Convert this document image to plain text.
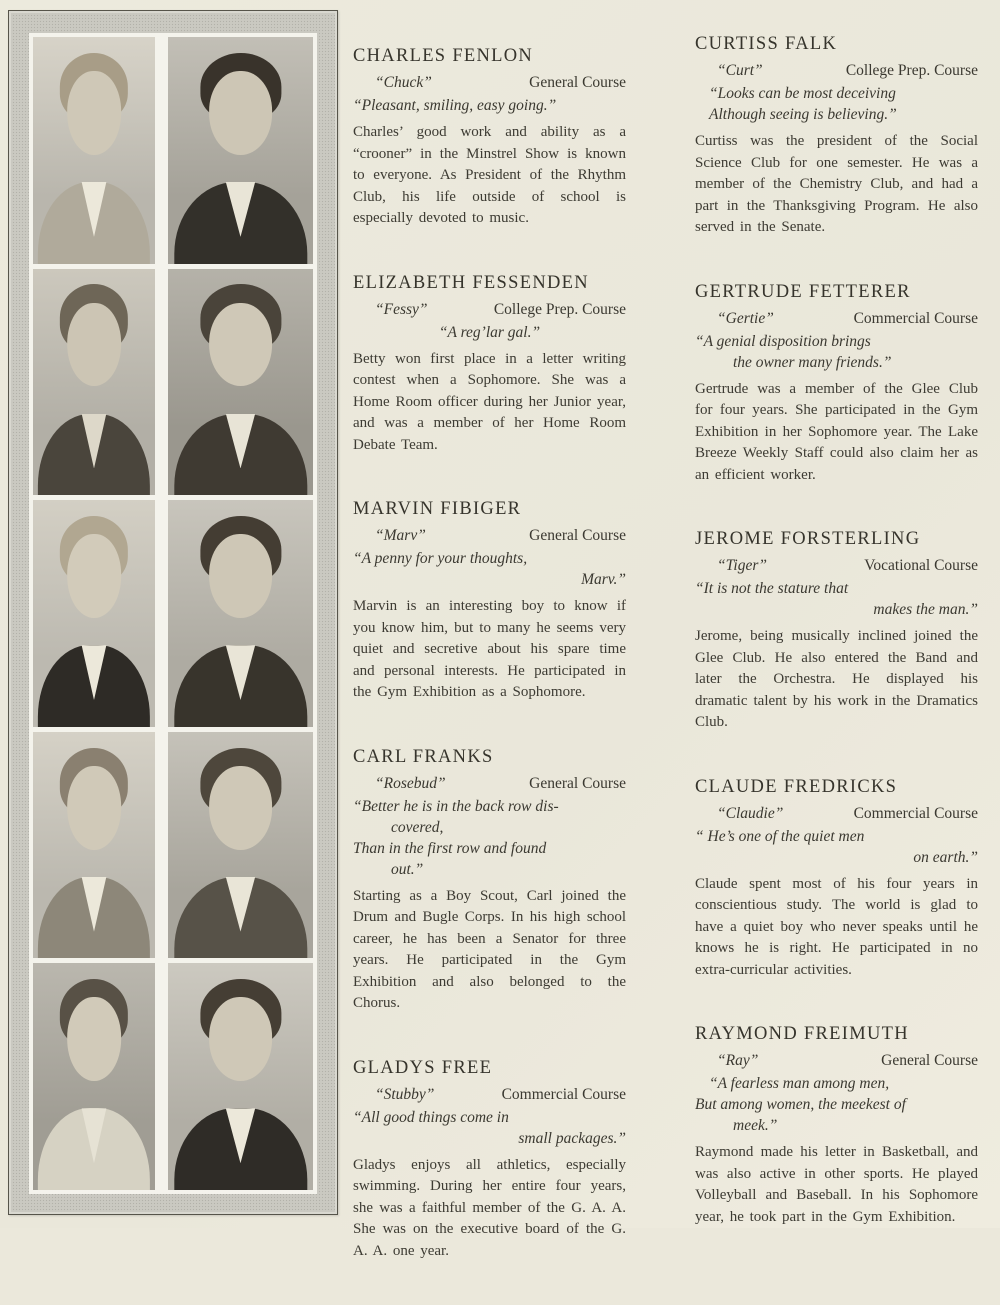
CHARLES FENLON
“Chuck”	General Course
“Pleasant, smiling, easy going.”

Charles’ good work and ability as a “crooner” in the Minstrel Show is known to everyone. As President of the Rhythm Club, his life outside of school is especially devoted to music.

ELIZABETH FESSENDEN
“Fessy”	College Prep. Course
“A reg’lar gal.”

Betty won first place in a letter writing contest when a Sophomore. She was a Home Room officer during her Junior year, and was a member of her Home Room Debate Team.

MARVIN FIBIGER
“Marv”	General Course
“A penny for your thoughts,
Marv.”

Marvin is an interesting boy to know if you know him, but to many he seems very quiet and secretive about his spare time and personal interests. He participated in the Gym Exhibition as a Sophomore.

CARL FRANKS
“Rosebud”	General Course
“Better he is in the back row dis-
covered,
Than in the first row and found
out.”

Starting as a Boy Scout, Carl joined the Drum and Bugle Corps. In his high school career, he has been a Senator for three years. He participated in the Gym Exhibition and also belonged to the Chorus.

GLADYS FREE
“Stubby”	Commercial Course
“All good things come in
small packages.”

Gladys enjoys all athletics, especially swimming. During her entire four years, she was a faithful member of the G. A. A. She was on the executive board of the G. A. A. one year.

CURTISS FALK
“Curt”	College Prep. Course
“Looks can be most deceiving
Although seeing is believing.”

Curtiss was the president of the Social Science Club for one semester. He was a member of the Chemistry Club, and had a part in the Thanksgiving Program. He also served in the Senate.

GERTRUDE FETTERER
“Gertie”	Commercial Course
“A genial disposition brings
the owner many friends.”

Gertrude was a member of the Glee Club for four years. She participated in the Gym Exhibition in her Sophomore year. The Lake Breeze Weekly Staff could also claim her as an efficient worker.

JEROME FORSTERLING
“Tiger”	Vocational Course
“It is not the stature that
makes the man.”

Jerome, being musically inclined joined the Glee Club. He also entered the Band and later the Orchestra. He displayed his dramatic talent by his work in the Dramatics Club.

CLAUDE FREDRICKS
“Claudie”	Commercial Course
“ He’s one of the quiet men
on earth.”

Claude spent most of his four years in conscientious study. The world is glad to have a quiet boy who never speaks until he knows he is right. He participated in no extra-curricular activities.

RAYMOND FREIMUTH
“Ray”	General Course
“A fearless man among men,
But among women, the meekest of
meek.”

Raymond made his letter in Basketball, and was also active in other sports. He played Volleyball and Baseball. In his Sophomore year, he took part in the Gym Exhibition.
